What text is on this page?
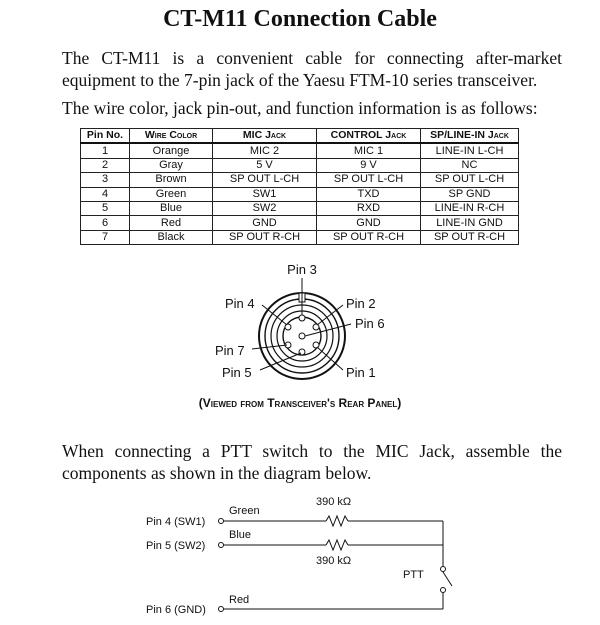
CT-M11 Connection Cable
The CT-M11 is a convenient cable for connecting after-market equipment to the 7-pin jack of the Yaesu FTM-10 series transceiver.
The wire color, jack pin-out, and function information is as follows:
Pin No.	Wire Color	MIC Jack	CONTROL Jack	SP/LINE-IN Jack
1	Orange	MIC 2	MIC 1	LINE-IN L-CH
2	Gray	5 V	9 V	NC
3	Brown	SP OUT L-CH	SP OUT L-CH	SP OUT L-CH
4	Green	SW1	TXD	SP GND
5	Blue	SW2	RXD	LINE-IN R-CH
6	Red	GND	GND	LINE-IN GND
7	Black	SP OUT R-CH	SP OUT R-CH	SP OUT R-CH
Pin 3
Pin 4	Pin 2
Pin 6
Pin 7
Pin 5	Pin 1
Pin 4 (SW1)
Pin 5 (SW2)
Pin 6 (GND)
Green
Blue
Red
390 kΩ
390 kΩ
PTT
(Viewed from Transceiver's Rear Panel)
When connecting a PTT switch to the MIC Jack, assemble the components as shown in the diagram below.
